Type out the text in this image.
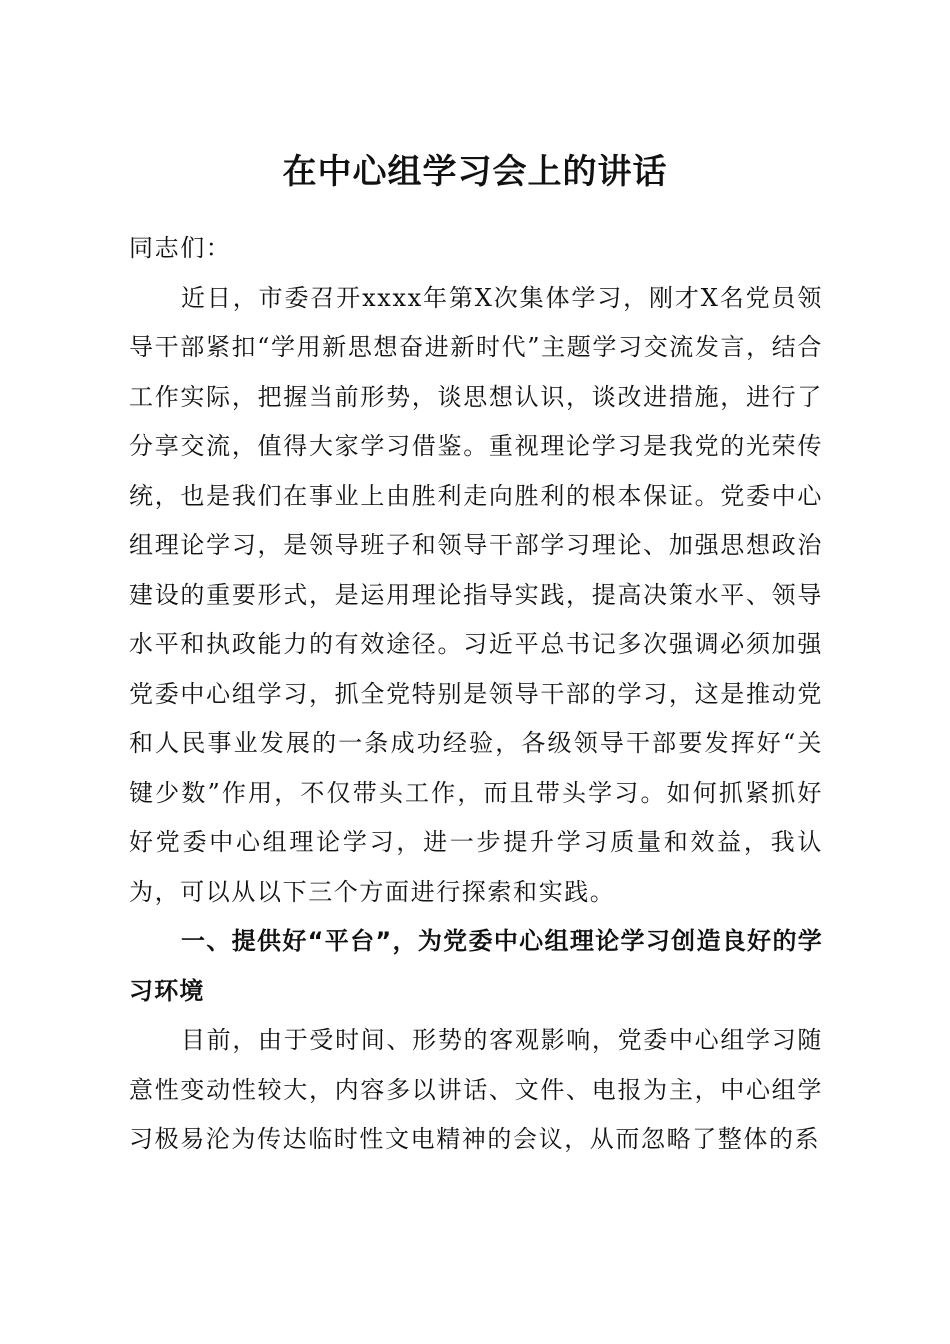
在中心组学习会上的讲话

同志们：

近日，市委召开xxxx年第X次集体学习，刚才X名党员领导干部紧扣“学用新思想奋进新时代”主题学习交流发言，结合工作实际，把握当前形势，谈思想认识，谈改进措施，进行了分享交流，值得大家学习借鉴。重视理论学习是我党的光荣传统，也是我们在事业上由胜利走向胜利的根本保证。党委中心组理论学习，是领导班子和领导干部学习理论、加强思想政治建设的重要形式，是运用理论指导实践，提高决策水平、领导水平和执政能力的有效途径。习近平总书记多次强调必须加强党委中心组学习，抓全党特别是领导干部的学习，这是推动党和人民事业发展的一条成功经验，各级领导干部要发挥好“关键少数”作用，不仅带头工作，而且带头学习。如何抓紧抓好好党委中心组理论学习，进一步提升学习质量和效益，我认为，可以从以下三个方面进行探索和实践。

一、提供好“平台”，为党委中心组理论学习创造良好的学习环境

目前，由于受时间、形势的客观影响，党委中心组学习随意性变动性较大，内容多以讲话、文件、电报为主，中心组学习极易沦为传达临时性文电精神的会议，从而忽略了整体的系
